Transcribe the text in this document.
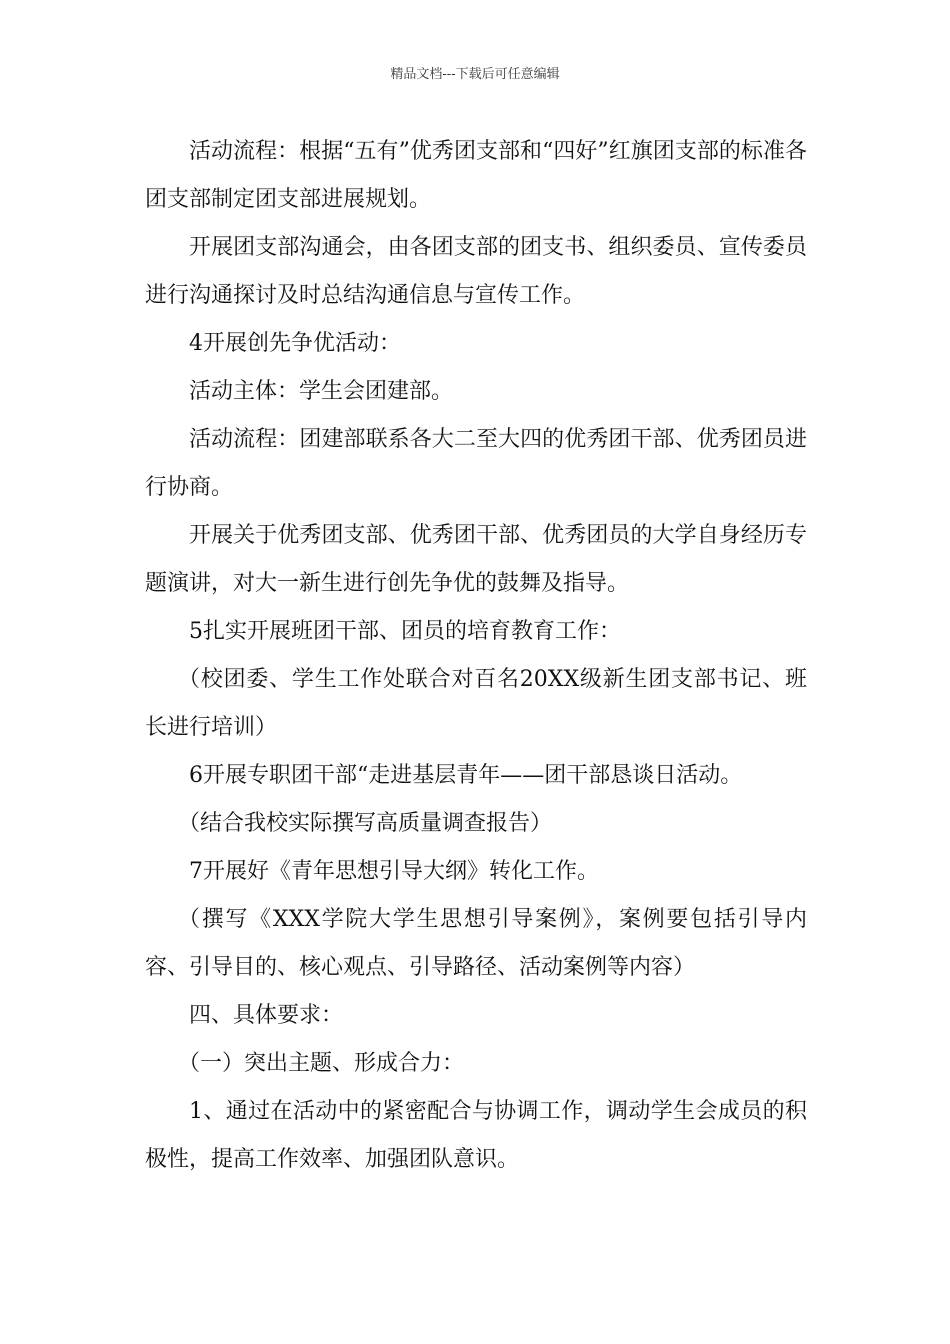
精品文档---下载后可任意编辑

活动流程：根据“五有”优秀团支部和“四好”红旗团支部的标准各团支部制定团支部进展规划。

开展团支部沟通会，由各团支部的团支书、组织委员、宣传委员进行沟通探讨及时总结沟通信息与宣传工作。

4开展创先争优活动：

活动主体：学生会团建部。

活动流程：团建部联系各大二至大四的优秀团干部、优秀团员进行协商。

开展关于优秀团支部、优秀团干部、优秀团员的大学自身经历专题演讲，对大一新生进行创先争优的鼓舞及指导。

5扎实开展班团干部、团员的培育教育工作：

（校团委、学生工作处联合对百名20XX级新生团支部书记、班长进行培训）

6开展专职团干部“走进基层青年——团干部恳谈日活动。

（结合我校实际撰写高质量调查报告）

7开展好《青年思想引导大纲》转化工作。

（撰写《XXX学院大学生思想引导案例》，案例要包括引导内容、引导目的、核心观点、引导路径、活动案例等内容）

四、具体要求：

（一）突出主题、形成合力：

1、通过在活动中的紧密配合与协调工作，调动学生会成员的积极性，提高工作效率、加强团队意识。
